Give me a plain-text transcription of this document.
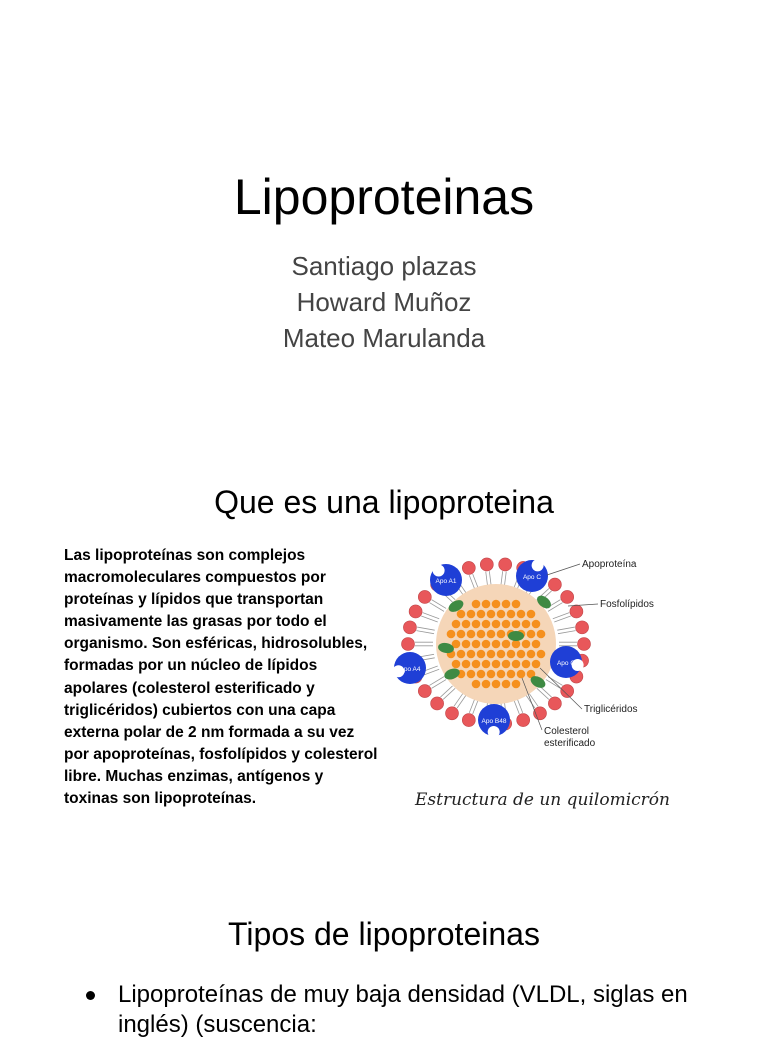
Lipoproteinas
Santiago plazas
Howard Muñoz
Mateo Marulanda
Que es una lipoproteina
Las lipoproteínas son complejos macromoleculares compuestos por proteínas y lípidos que transportan masivamente las grasas por todo el organismo. Son esféricas, hidrosolubles, formadas por un núcleo de lípidos apolares (colesterol esterificado y triglicéridos) cubiertos con una capa externa polar de 2 nm formada a su vez por apoproteínas, fosfolípidos y colesterol libre. Muchas enzimas, antígenos y toxinas son lipoproteínas.
Apo A1
Apo C
Apo C
Apo A4
Apo B48
Apoproteína
Fosfolípidos
Triglicéridos
Colesterol
esterificado
Estructura de un quilomicrón
Tipos de lipoproteinas
Lipoproteínas de muy baja densidad (VLDL, siglas en inglés) (suscencia:
